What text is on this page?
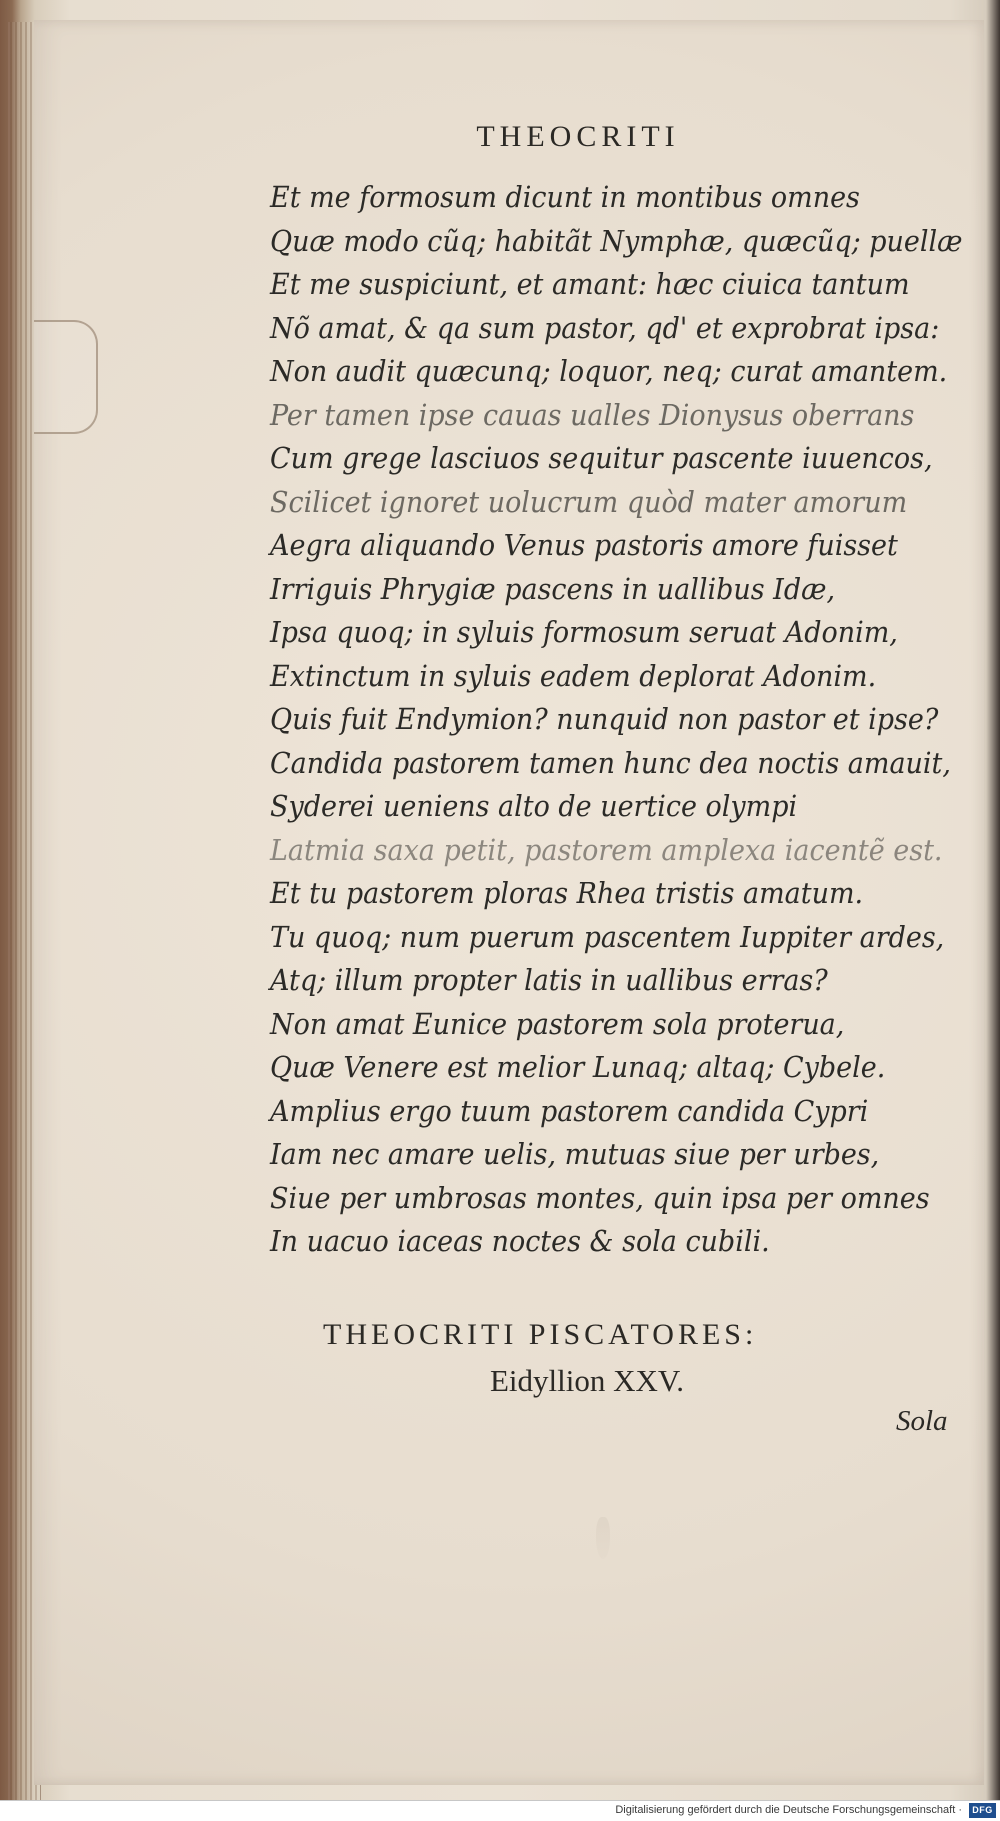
THEOCRITI
Et me formosum dicunt in montibus omnes
Quæ modo cũq; habitãt Nymphæ, quæcũq; puellæ
Et me suspiciunt, et amant: hæc ciuica tantum
Nõ amat, & qa sum pastor, qd' et exprobrat ipsa:
Non audit quæcunq; loquor, neq; curat amantem.
Per tamen ipse cauas ualles Dionysus oberrans
Cum grege lasciuos sequitur pascente iuuencos,
Scilicet ignoret uolucrum quòd mater amorum
Aegra aliquando Venus pastoris amore fuisset
Irriguis Phrygiæ pascens in uallibus Idæ,
Ipsa quoq; in syluis formosum seruat Adonim,
Extinctum in syluis eadem deplorat Adonim.
Quis fuit Endymion? nunquid non pastor et ipse?
Candida pastorem tamen hunc dea noctis amauit,
Syderei ueniens alto de uertice olympi
Latmia saxa petit, pastorem amplexa iacentẽ est.
Et tu pastorem ploras Rhea tristis amatum.
Tu quoq; num puerum pascentem Iuppiter ardes,
Atq; illum propter latis in uallibus erras?
Non amat Eunice pastorem sola proterua,
Quæ Venere est melior Lunaq; altaq; Cybele.
Amplius ergo tuum pastorem candida Cypri
Iam nec amare uelis, mutuas siue per urbes,
Siue per umbrosas montes, quin ipsa per omnes
In uacuo iaceas noctes & sola cubili.
THEOCRITI PISCATORES:
Eidyllion XXV.
Sola
Digitalisierung gefördert durch die Deutsche Forschungsgemeinschaft ·	DFG
